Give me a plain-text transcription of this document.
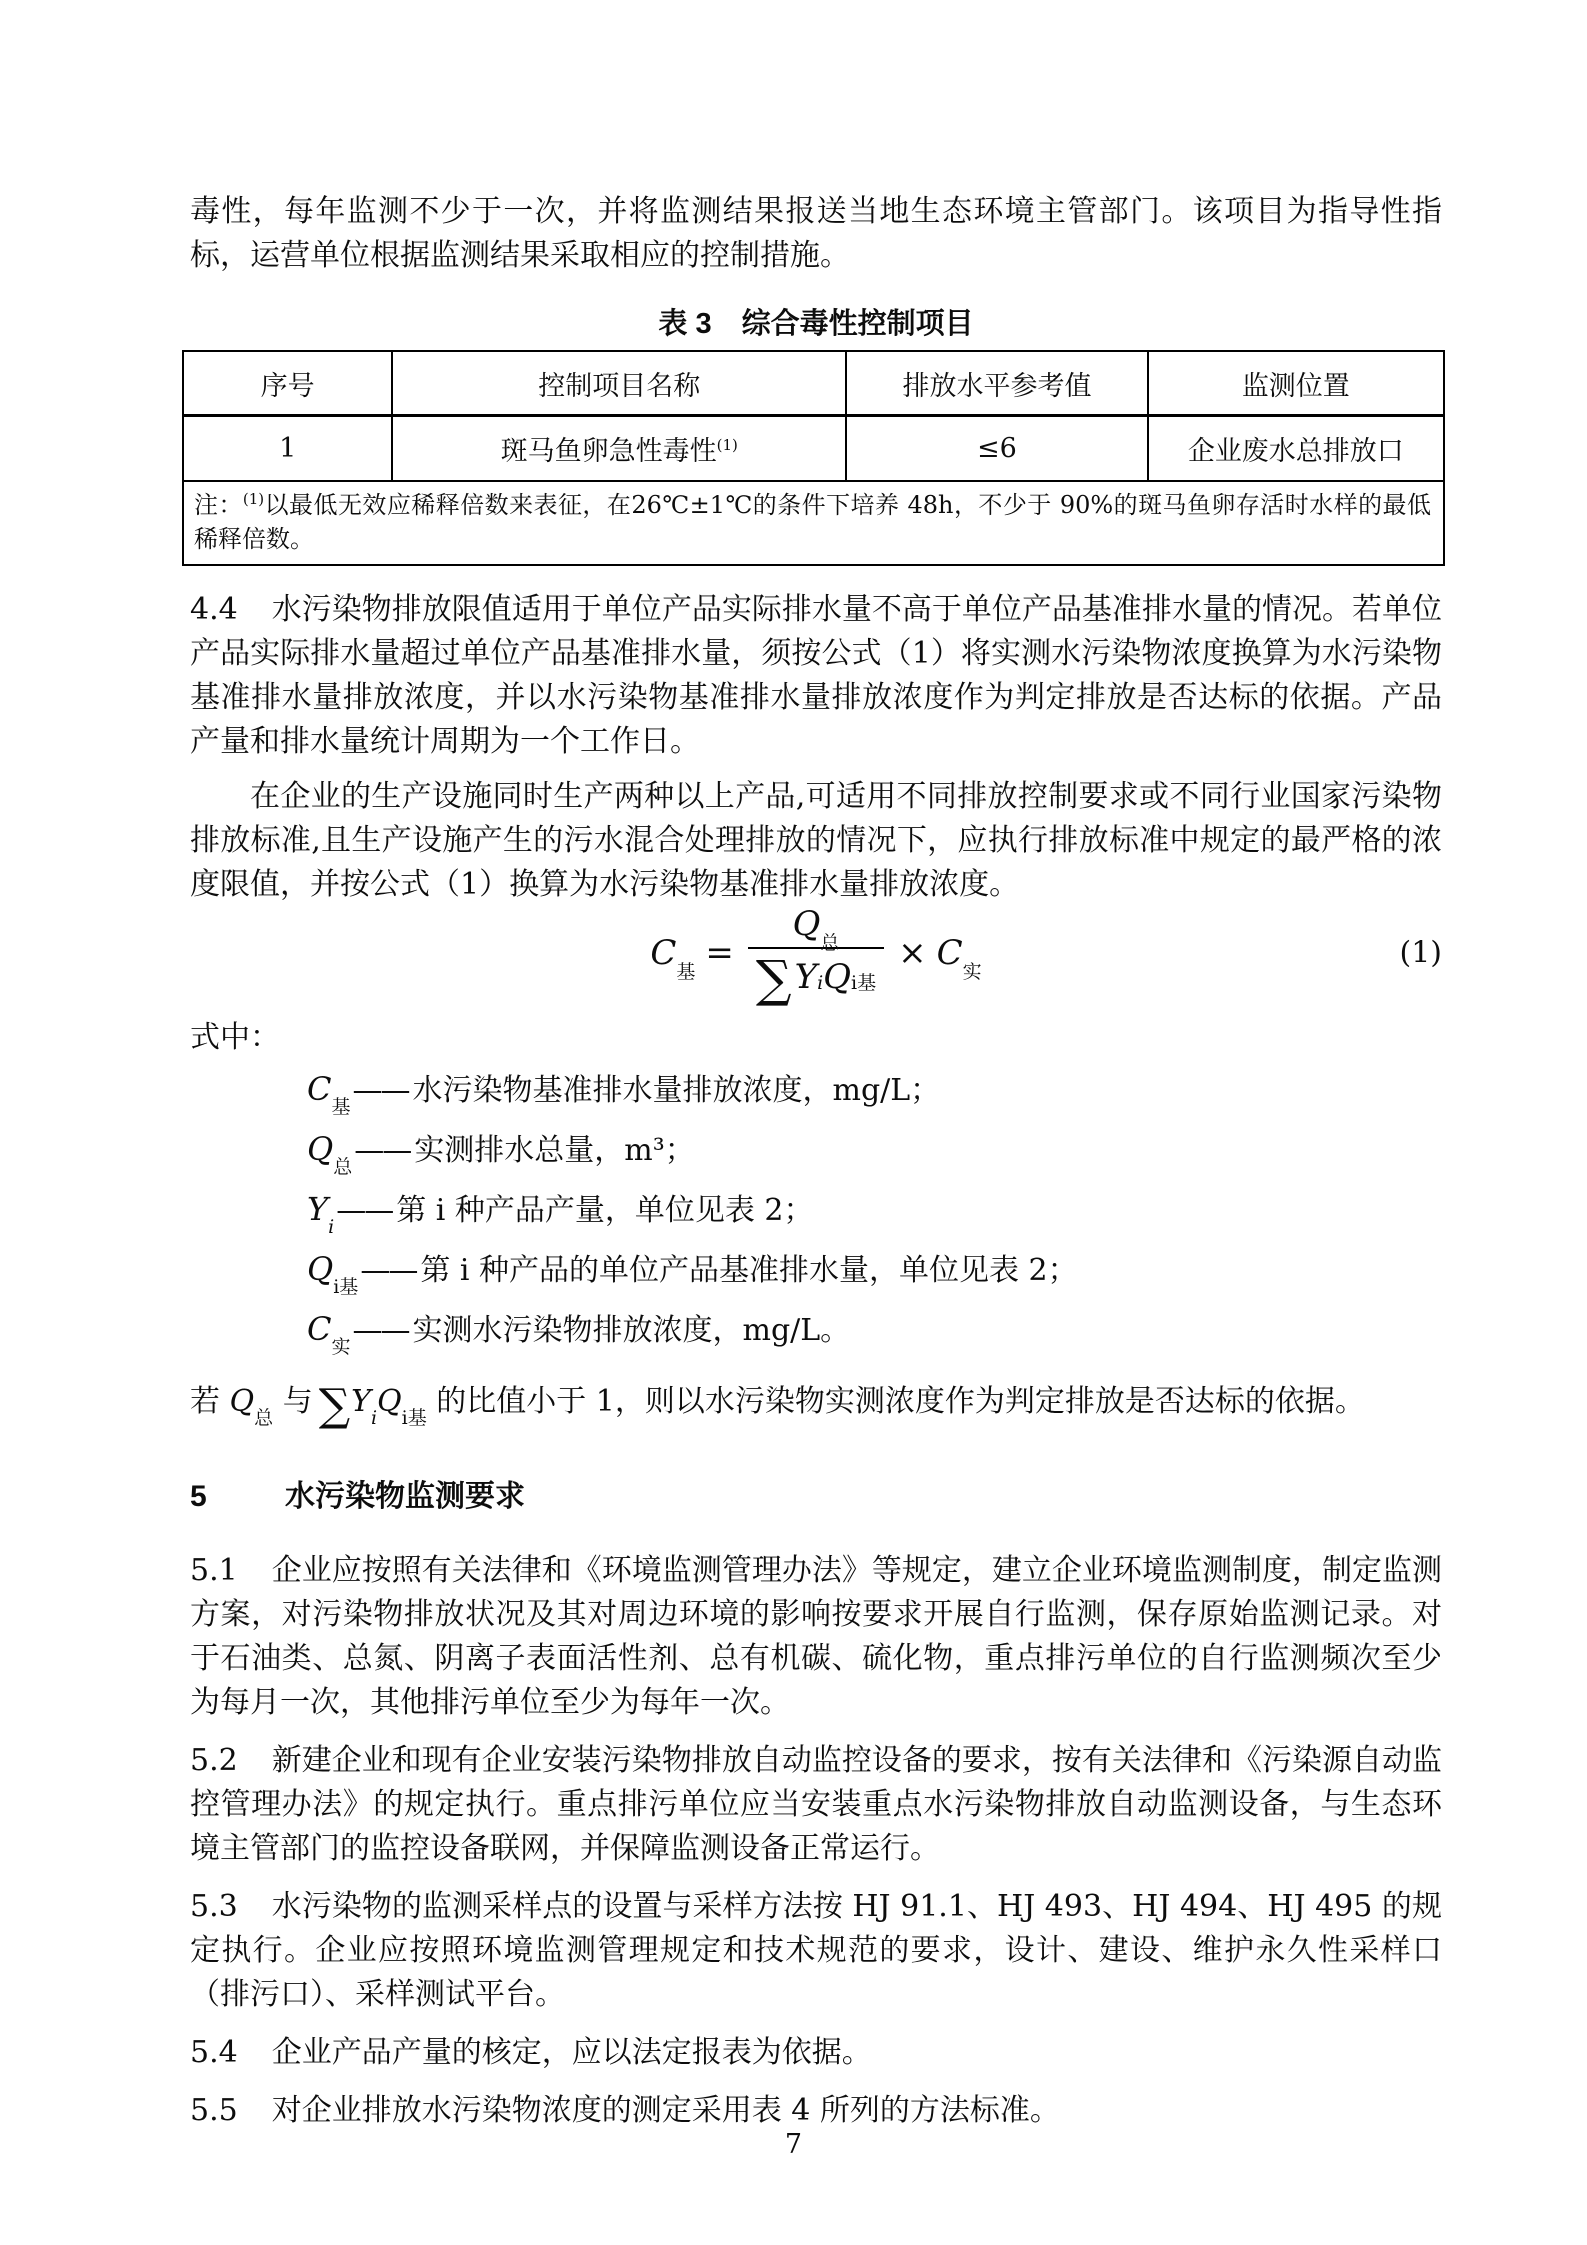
毒性，每年监测不少于一次，并将监测结果报送当地生态环境主管部门。该项目为指导性指标，运营单位根据监测结果采取相应的控制措施。

表 3 综合毒性控制项目
序号	控制项目名称	排放水平参考值	监测位置
1	斑马鱼卵急性毒性$^{(1)}$	≤6	企业废水总排放口
注：$^{(1)}$以最低无效应稀释倍数来表征，在26℃±1℃的条件下培养 48h，不少于 90%的斑马鱼卵存活时水样的最低稀释倍数。			

4.4 水污染物排放限值适用于单位产品实际排水量不高于单位产品基准排水量的情况。若单位产品实际排水量超过单位产品基准排水量，须按公式（1）将实测水污染物浓度换算为水污染物基准排水量排放浓度，并以水污染物基准排水量排放浓度作为判定排放是否达标的依据。产品产量和排水量统计周期为一个工作日。

在企业的生产设施同时生产两种以上产品,可适用不同排放控制要求或不同行业国家污染物排放标准,且生产设施产生的污水混合处理排放的情况下，应执行排放标准中规定的最严格的浓度限值，并按公式（1）换算为水污染物基准排水量排放浓度。

$C_基 = \frac{Q_总}{\sum Y_i Q_{i基}} \times C_实$
(1)

式中：

$C_基——$ 水污染物基准排水量排放浓度，mg/L；
$Q_总——$ 实测排水总量，m³；
$Y_i——$ 第 i 种产品产量，单位见表 2；
$Q_{i基}——$ 第 i 种产品的单位产品基准排水量，单位见表 2；
$C_实——$ 实测水污染物排放浓度，mg/L。

若 $Q_总$ 与 $\sum Y_iQ_{i基}$ 的比值小于 1，则以水污染物实测浓度作为判定排放是否达标的依据。

5	水污染物监测要求

5.1 企业应按照有关法律和《环境监测管理办法》等规定，建立企业环境监测制度，制定监测方案，对污染物排放状况及其对周边环境的影响按要求开展自行监测，保存原始监测记录。对于石油类、总氮、阴离子表面活性剂、总有机碳、硫化物，重点排污单位的自行监测频次至少为每月一次，其他排污单位至少为每年一次。

5.2 新建企业和现有企业安装污染物排放自动监控设备的要求，按有关法律和《污染源自动监控管理办法》的规定执行。重点排污单位应当安装重点水污染物排放自动监测设备，与生态环境主管部门的监控设备联网，并保障监测设备正常运行。

5.3 水污染物的监测采样点的设置与采样方法按 HJ 91.1、HJ 493、HJ 494、HJ 495 的规定执行。企业应按照环境监测管理规定和技术规范的要求，设计、建设、维护永久性采样口（排污口）、采样测试平台。

5.4 企业产品产量的核定，应以法定报表为依据。

5.5 对企业排放水污染物浓度的测定采用表 4 所列的方法标准。

7
